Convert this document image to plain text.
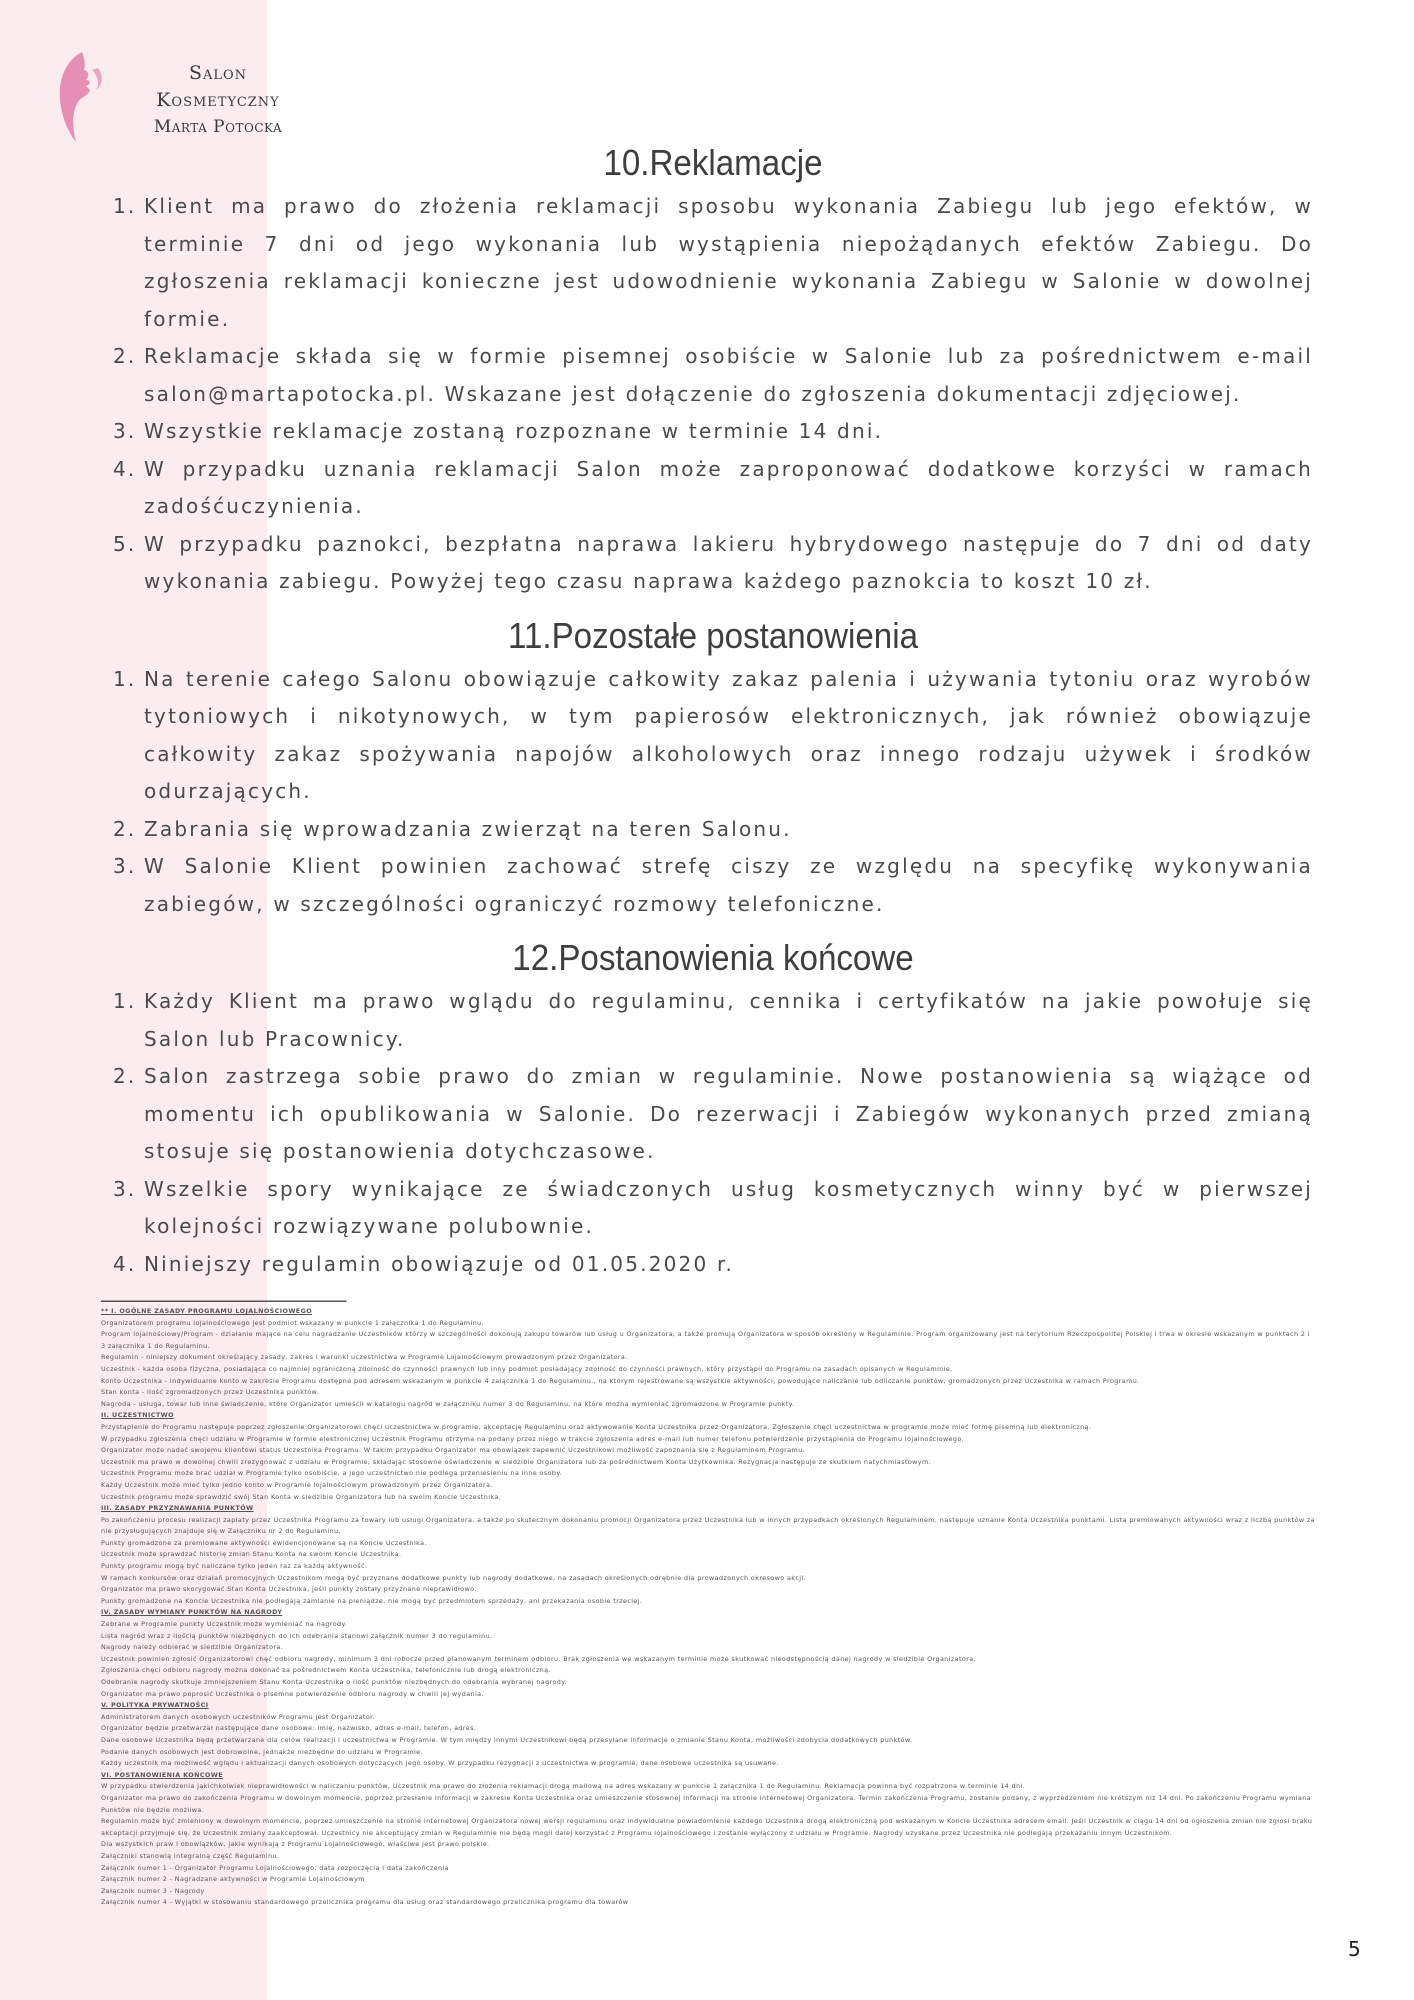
Salon
Kosmetyczny
Marta Potocka
10.Reklamacje
1. Klient ma prawo do złożenia reklamacji sposobu wykonania Zabiegu lub jego efektów, w terminie 7 dni od jego wykonania lub wystąpienia niepożądanych efektów Zabiegu. Do zgłoszenia reklamacji konieczne jest udowodnienie wykonania Zabiegu w Salonie w dowolnej formie.
2. Reklamacje składa się w formie pisemnej osobiście w Salonie lub za pośrednictwem e-mail salon@martapotocka.pl. Wskazane jest dołączenie do zgłoszenia dokumentacji zdjęciowej.
3. Wszystkie reklamacje zostaną rozpoznane w terminie 14 dni.
4. W przypadku uznania reklamacji Salon może zaproponować dodatkowe korzyści w ramach zadośćuczynienia.
5. W przypadku paznokci, bezpłatna naprawa lakieru hybrydowego następuje do 7 dni od daty wykonania zabiegu. Powyżej tego czasu naprawa każdego paznokcia to koszt 10 zł.
11.Pozostałe postanowienia
1. Na terenie całego Salonu obowiązuje całkowity zakaz palenia i używania tytoniu oraz wyrobów tytoniowych i nikotynowych, w tym papierosów elektronicznych, jak również obowiązuje całkowity zakaz spożywania napojów alkoholowych oraz innego rodzaju używek i środków odurzających.
2. Zabrania się wprowadzania zwierząt na teren Salonu.
3. W Salonie Klient powinien zachować strefę ciszy ze względu na specyfikę wykonywania zabiegów, w szczególności ograniczyć rozmowy telefoniczne.
12.Postanowienia końcowe
1. Każdy Klient ma prawo wglądu do regulaminu, cennika i certyfikatów na jakie powołuje się Salon lub Pracownicy.
2. Salon zastrzega sobie prawo do zmian w regulaminie. Nowe postanowienia są wiążące od momentu ich opublikowania w Salonie. Do rezerwacji i Zabiegów wykonanych przed zmianą stosuje się postanowienia dotychczasowe.
3. Wszelkie spory wynikające ze świadczonych usług kosmetycznych winny być w pierwszej kolejności rozwiązywane polubownie.
4. Niniejszy regulamin obowiązuje od 01.05.2020 r.
______________________________

** I. OGÓLNE ZASADY PROGRAMU LOJALNOŚCIOWEGO

Organizatorem programu lojalnościowego jest podmiot wskazany w punkcie 1 załącznika 1 do Regulaminu.

Program lojalnościowy/Program - działanie mające na celu nagradzanie Uczestników którzy w szczególności dokonują zakupu towarów lub usług u Organizatora, a także promują Organizatora w sposób określony w Regulaminie. Program organizowany jest na terytorium Rzeczpospolitej Polskiej i trwa w okresie wskazanym w punktach 2 i 3 załącznika 1 do Regulaminu.

Regulamin - niniejszy dokument określający zasady, zakres i warunki uczestnictwa w Programie Lojalnościowym prowadzonym przez Organizatora.

Uczestnik - każda osoba fizyczna, posiadająca co najmniej ograniczoną zdolność do czynności prawnych lub inny podmiot posiadający zdolność do czynności prawnych, który przystąpił do Programu na zasadach opisanych w Regulaminie.

Konto Uczestnika - indywidualne konto w zakresie Programu dostępne pod adresem wskazanym w punkcie 4 załącznika 1 do Regulaminu., na którym rejestrowane są wszystkie aktywności, powodujące naliczanie lub odliczanie punktów, gromadzonych przez Uczestnika w ramach Programu.

Stan konta - ilość zgromadzonych przez Uczestnika punktów.

Nagroda - usługa, towar lub inne świadczenie, które Organizator umieścił w katalogu nagród w załączniku numer 3 do Regulaminu, na które można wymieniać zgromadzone w Programie punkty.

II. UCZESTNICTWO

Przystąpienie do Programu następuje poprzez zgłoszenie Organizatorowi chęci uczestnictwa w programie, akceptację Regulaminu oraz aktywowanie Konta Uczestnika przez Organizatora. Zgłoszenie chęci uczestnictwa w programie może mieć formę pisemną lub elektroniczną.

W przypadku zgłoszenia chęci udziału w Programie w formie elektronicznej Uczestnik Programu otrzyma na podany przez niego w trakcie zgłoszenia adres e-mail lub numer telefonu potwierdzenie przystąpienia do Programu lojalnościowego.

Organizator może nadać swojemu klientowi status Uczestnika Programu. W takim przypadku Organizator ma obowiązek zapewnić Uczestnikowi możliwość zapoznania się z Regulaminem Programu.

Uczestnik ma prawo w dowolnej chwili zrezygnować z udziału w Programie, składając stosowne oświadczenie w siedzibie Organizatora lub za pośrednictwem Konta Użytkownika. Rezygnacja następuje ze skutkiem natychmiastowym.

Uczestnik Programu może brać udział w Programie tylko osobiście, a jego uczestnictwo nie podlega przeniesieniu na inne osoby.

Każdy Uczestnik może mieć tylko jedno konto w Programie lojalnościowym prowadzonym przez Organizatora.

Uczestnik programu może sprawdzić swój Stan Konta w siedzibie Organizatora lub na swoim Koncie Uczestnika.

III. ZASADY PRZYZNAWANIA PUNKTÓW

Po zakończeniu procesu realizacji zapłaty przez Uczestnika Programu za towary lub usługi Organizatora, a także po skutecznym dokonaniu promocji Organizatora przez Uczestnika lub w innych przypadkach określonych Regulaminem, następuje uznanie Konta Uczestnika punktami. Lista premiowanych aktywności wraz z liczbą punktów za nie przysługujących znajduje się w Załączniku nr 2 do Regulaminu.

Punkty gromadzone za premiowane aktywności ewidencjonowane są na Koncie Uczestnika.

Uczestnik może sprawdzać historię zmian Stanu Konta na swoim Koncie Uczestnika.

Punkty programu mogą być naliczane tylko jeden raz za każdą aktywność.

W ramach konkursów oraz działań promocyjnych Uczestnikom mogą być przyznane dodatkowe punkty lub nagrody dodatkowe, na zasadach określonych odrębnie dla prowadzonych okresowo akcji.

Organizator ma prawo skorygować Stan Konta Uczestnika, jeśli punkty zostały przyznane nieprawidłowo.

Punkty gromadzone na Koncie Uczestnika nie podlegają zamianie na pieniądze, nie mogą być przedmiotem sprzedaży, ani przekazania osobie trzeciej.

IV. ZASADY WYMIANY PUNKTÓW NA NAGRODY

Zebrane w Programie punkty Uczestnik może wymieniać na nagrody.

Lista nagród wraz z ilością punktów niezbędnych do ich odebrania stanowi załącznik numer 3 do regulaminu.

Nagrody należy odbierać w siedzibie Organizatora.

Uczestnik powinien zgłosić Organizatorowi chęć odbioru nagrody, minimum 3 dni robocze przed planowanym terminem odbioru. Brak zgłoszenia we wskazanym terminie może skutkować nieodstępnością danej nagrody w siedzibie Organizatora.

Zgłoszenia chęci odbioru nagrody można dokonać za pośrednictwem Konta Uczestnika, telefonicznie lub drogą elektroniczną.

Odebranie nagrody skutkuje zmniejszeniem Stanu Konta Uczestnika o ilość punktów niezbędnych do odebrania wybranej nagrody.

Organizator ma prawo poprosić Uczestnika o pisemne potwierdzenie odbioru nagrody w chwili jej wydania.

V. POLITYKA PRYWATNOŚCI

Administratorem danych osobowych uczestników Programu jest Organizator.

Organizator będzie przetwarzał następujące dane osobowe: imię, nazwisko, adres e-mail, telefon, adres.

Dane osobowe Uczestnika będą przetwarzane dla celów realizacji i uczestnictwa w Programie. W tym między innymi Uczestnikowi będą przesyłane informacje o zmianie Stanu Konta, możliwości zdobycia dodatkowych punktów.

Podanie danych osobowych jest dobrowolne, jednakże niezbędne do udziału w Programie.

Każdy uczestnik ma możliwość wglądu i aktualizacji danych osobowych dotyczących jego osoby. W przypadku rezygnacji z uczestnictwa w programie, dane osobowe uczestnika są usuwane.

VI. POSTANOWIENIA KOŃCOWE

W przypadku stwierdzenia jakichkolwiek nieprawidłowości w naliczaniu punktów, Uczestnik ma prawo do złożenia reklamacji drogą mailową na adres wskazany w punkcie 1 załącznika 1 do Regulaminu. Reklamacja powinna być rozpatrzona w terminie 14 dni.

Organizator ma prawo do zakończenia Programu w dowolnym momencie, poprzez przesłanie informacji w zakresie Konta Uczestnika oraz umieszczenie stosownej informacji na stronie internetowej Organizatora. Termin zakończenia Programu, zostanie podany, z wyprzedzeniem nie krótszym niż 14 dni. Po zakończeniu Programu wymiana Punktów nie będzie możliwa.

Regulamin może być zmieniony w dowolnym momencie, poprzez umieszczenie na stronie internetowej Organizatora nowej wersji regulaminu oraz indywidualne powiadomienie każdego Uczestnika drogą elektroniczną pod wskazanym w Koncie Uczestnika adresem email. Jeśli Uczestnik w ciągu 14 dni od ogłoszenia zmian nie zgłosi braku akceptacji przyjmuje się, że Uczestnik zmiany zaakceptował. Uczestnicy nie akceptujący zmian w Regulaminie nie będą mogli dalej korzystać z Programu lojalnościowego i zostanie wyłączony z udziału w Programie. Nagrody uzyskane przez Uczestnika nie podlegają przekazaniu innym Uczestnikom.

Dla wszystkich praw i obowiązków, jakie wynikają z Programu Lojalnościowego, właściwe jest prawo polskie.

Załączniki stanowią integralną część Regulaminu.

Załącznik numer 1 - Organizator Programu Lojalnościowego, data rozpoczęcia i data zakończenia

Załącznik numer 2 - Nagradzane aktywności w Programie Lojalnościowym

Załącznik numer 3 - Nagrody

Załącznik numer 4 - Wyjątki w stosowaniu standardowego przelicznika programu dla usług oraz standardowego przelicznika programu dla towarów

5
